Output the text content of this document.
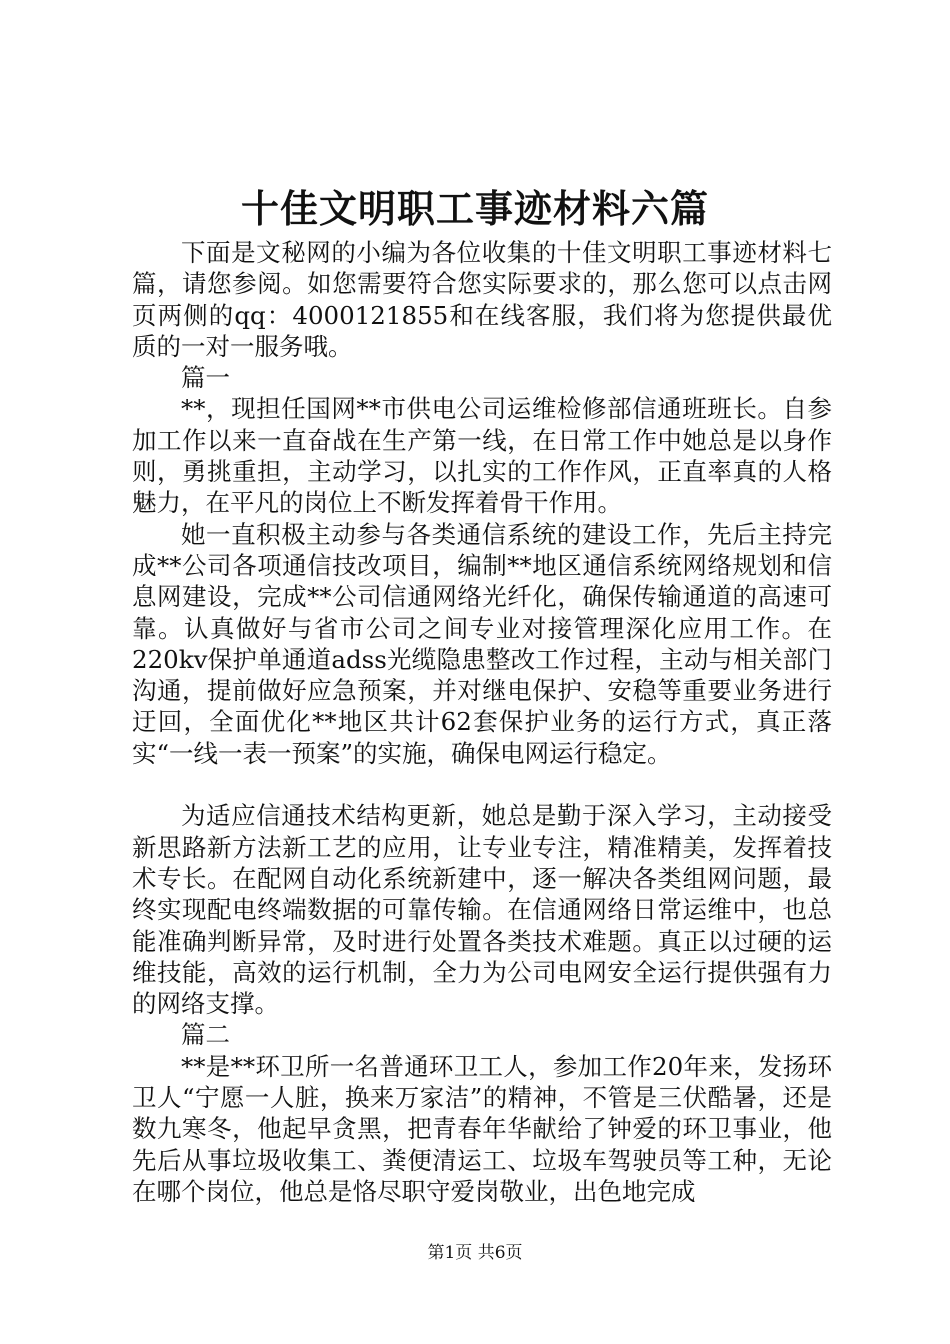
十佳文明职工事迹材料六篇

下面是文秘网的小编为各位收集的十佳文明职工事迹材料七篇，请您参阅。如您需要符合您实际要求的，那么您可以点击网页两侧的qq：4000121855和在线客服，我们将为您提供最优质的一对一服务哦。

篇一

**，现担任国网**市供电公司运维检修部信通班班长。自参加工作以来一直奋战在生产第一线，在日常工作中她总是以身作则，勇挑重担，主动学习，以扎实的工作作风，正直率真的人格魅力，在平凡的岗位上不断发挥着骨干作用。

她一直积极主动参与各类通信系统的建设工作，先后主持完成**公司各项通信技改项目，编制**地区通信系统网络规划和信息网建设，完成**公司信通网络光纤化，确保传输通道的高速可靠。认真做好与省市公司之间专业对接管理深化应用工作。在220kv保护单通道adss光缆隐患整改工作过程，主动与相关部门沟通，提前做好应急预案，并对继电保护、安稳等重要业务进行迂回，全面优化**地区共计62套保护业务的运行方式，真正落实“一线一表一预案”的实施，确保电网运行稳定。

为适应信通技术结构更新，她总是勤于深入学习，主动接受新思路新方法新工艺的应用，让专业专注，精准精美，发挥着技术专长。在配网自动化系统新建中，逐一解决各类组网问题，最终实现配电终端数据的可靠传输。在信通网络日常运维中，也总能准确判断异常，及时进行处置各类技术难题。真正以过硬的运维技能，高效的运行机制，全力为公司电网安全运行提供强有力的网络支撑。

篇二

**是**环卫所一名普通环卫工人，参加工作20年来，发扬环卫人“宁愿一人脏，换来万家洁”的精神，不管是三伏酷暑，还是数九寒冬，他起早贪黑，把青春年华献给了钟爱的环卫事业，他先后从事垃圾收集工、粪便清运工、垃圾车驾驶员等工种，无论在哪个岗位，他总是恪尽职守爱岗敬业，出色地完成

第1页 共6页
